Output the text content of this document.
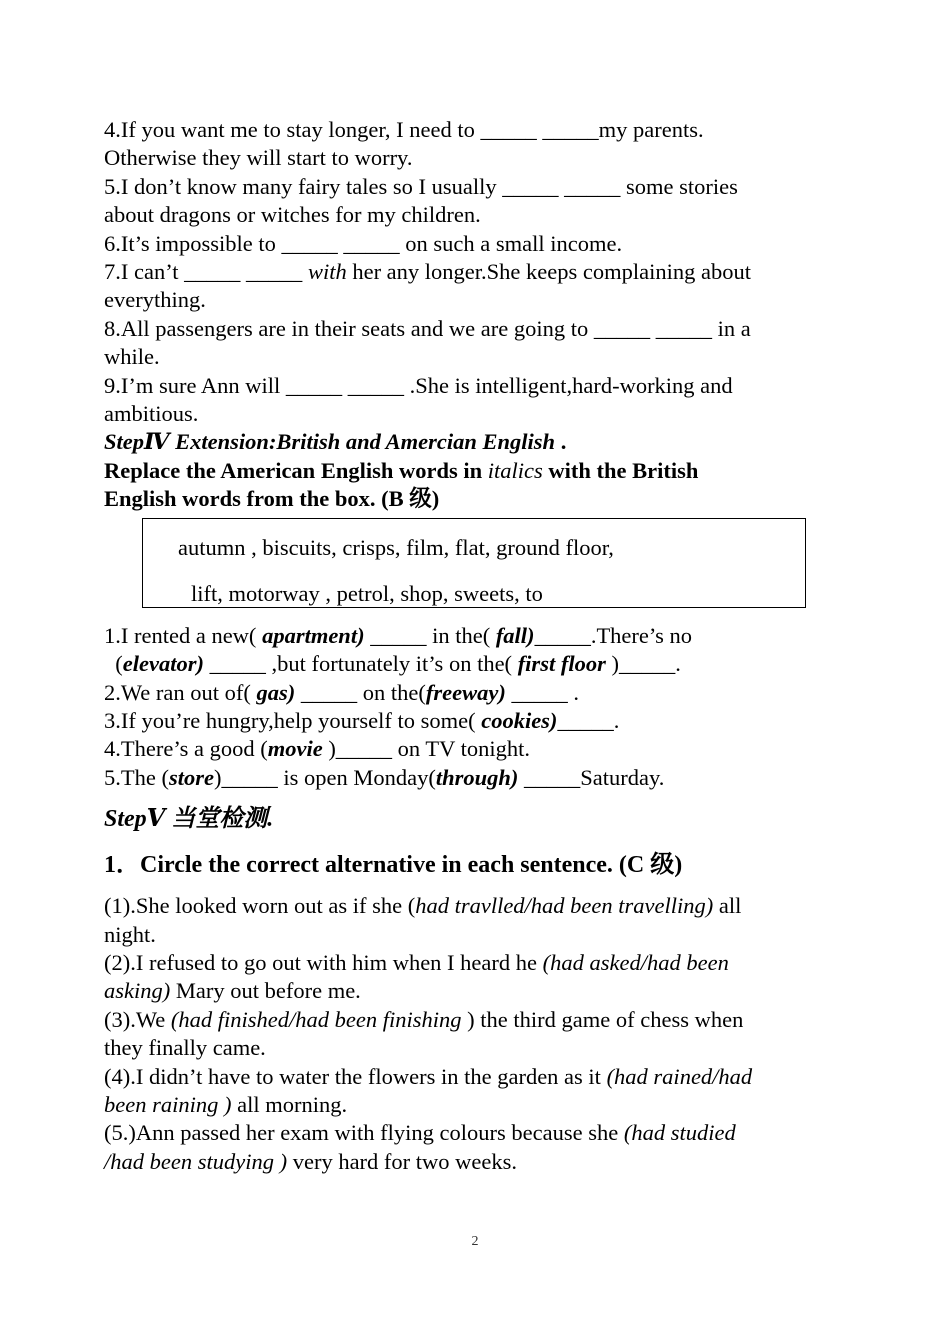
4.If you want me to stay longer, I need to _____ _____my parents.
Otherwise they will start to worry.
5.I don’t know many fairy tales so I usually _____ _____ some stories
about dragons or witches for my children.
6.It’s impossible to _____ _____ on such a small income.
7.I can’t _____ _____ with her any longer.She keeps complaining about
everything.
8.All passengers are in their seats and we are going to _____ _____ in a
while.
9.I’m sure Ann will _____ _____ .She is intelligent,hard-working and
ambitious.
StepⅣ Extension:British and Amercian English .
Replace the American English words in italics with the British
English words from the box. (B 级)
autumn , biscuits, crisps, film, flat, ground floor,
lift, motorway , petrol, shop, sweets, to
1.I rented a new( apartment) _____ in the( fall)_____.There’s no
(elevator) _____ ,but fortunately it’s on the( first floor )_____.
2.We ran out of( gas) _____ on the(freeway) _____ .
3.If you’re hungry,help yourself to some( cookies)_____.
4.There’s a good (movie )_____ on TV tonight.
5.The (store)_____ is open Monday(through) _____Saturday.
StepⅤ 当堂检测.
1．Circle the correct alternative in each sentence. (C 级)
(1).She looked worn out as if she (had travlled/had been travelling) all
night.
(2).I refused to go out with him when I heard he (had asked/had been
asking) Mary out before me.
(3).We (had finished/had been finishing ) the third game of chess when
they finally came.
(4).I didn’t have to water the flowers in the garden as it (had rained/had
been raining ) all morning.
(5.)Ann passed her exam with flying colours because she (had studied
/had been studying ) very hard for two weeks.
2
